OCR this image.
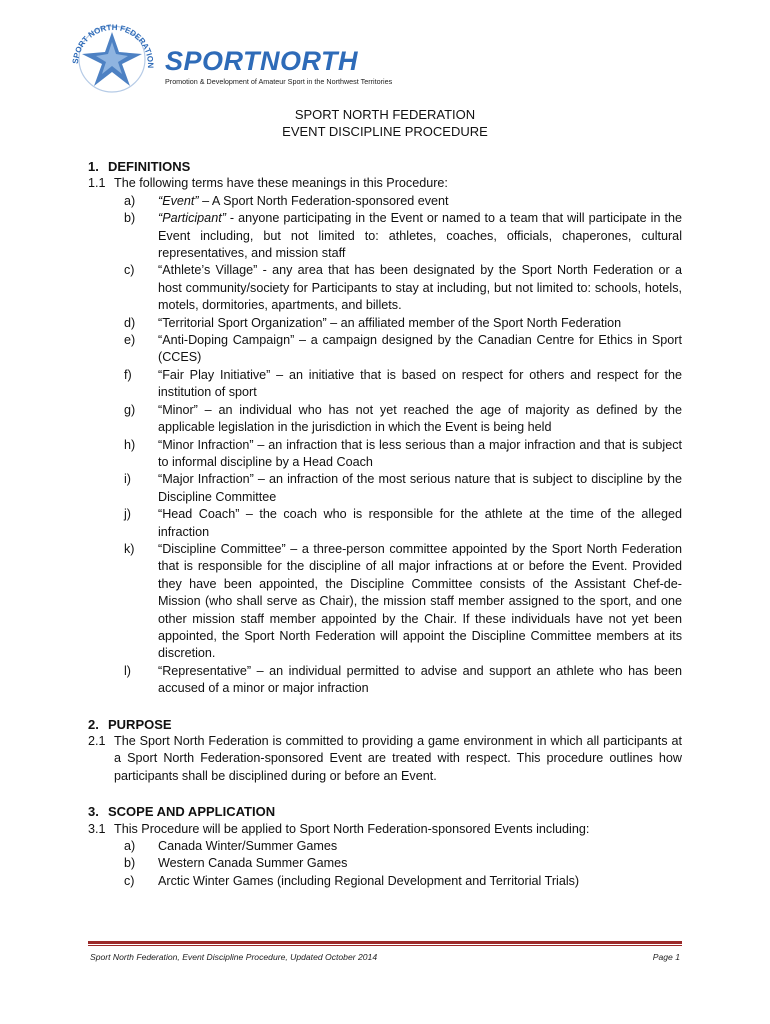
SPORT NORTH FEDERATION SPORTNORTH
Promotion & Development of Amateur Sport in the Northwest Territories
SPORT NORTH FEDERATION
EVENT DISCIPLINE PROCEDURE
1. DEFINITIONS
1.1 The following terms have these meanings in this Procedure:
a)	“Event” – A Sport North Federation-sponsored event
b)	“Participant” - anyone participating in the Event or named to a team that will participate in the Event including, but not limited to: athletes, coaches, officials, chaperones, cultural representatives, and mission staff
c)	“Athlete’s Village” - any area that has been designated by the Sport North Federation or a host community/society for Participants to stay at including, but not limited to: schools, hotels, motels, dormitories, apartments, and billets.
d)	“Territorial Sport Organization” – an affiliated member of the Sport North Federation
e)	“Anti-Doping Campaign” – a campaign designed by the Canadian Centre for Ethics in Sport (CCES)
f)	“Fair Play Initiative” – an initiative that is based on respect for others and respect for the institution of sport
g)	“Minor” – an individual who has not yet reached the age of majority as defined by the applicable legislation in the jurisdiction in which the Event is being held
h)	“Minor Infraction” – an infraction that is less serious than a major infraction and that is subject to informal discipline by a Head Coach
i)	“Major Infraction” – an infraction of the most serious nature that is subject to discipline by the Discipline Committee
j)	“Head Coach” – the coach who is responsible for the athlete at the time of the alleged infraction
k)	“Discipline Committee” – a three-person committee appointed by the Sport North Federation that is responsible for the discipline of all major infractions at or before the Event. Provided they have been appointed, the Discipline Committee consists of the Assistant Chef-de-Mission (who shall serve as Chair), the mission staff member assigned to the sport, and one other mission staff member appointed by the Chair. If these individuals have not yet been appointed, the Sport North Federation will appoint the Discipline Committee members at its discretion.
l)	“Representative” – an individual permitted to advise and support an athlete who has been accused of a minor or major infraction
2. PURPOSE
2.1 The Sport North Federation is committed to providing a game environment in which all participants at a Sport North Federation-sponsored Event are treated with respect. This procedure outlines how participants shall be disciplined during or before an Event.
3. SCOPE AND APPLICATION
3.1 This Procedure will be applied to Sport North Federation-sponsored Events including:
a)	Canada Winter/Summer Games
b)	Western Canada Summer Games
c)	Arctic Winter Games (including Regional Development and Territorial Trials)
Sport North Federation, Event Discipline Procedure, Updated October 2014	Page 1
